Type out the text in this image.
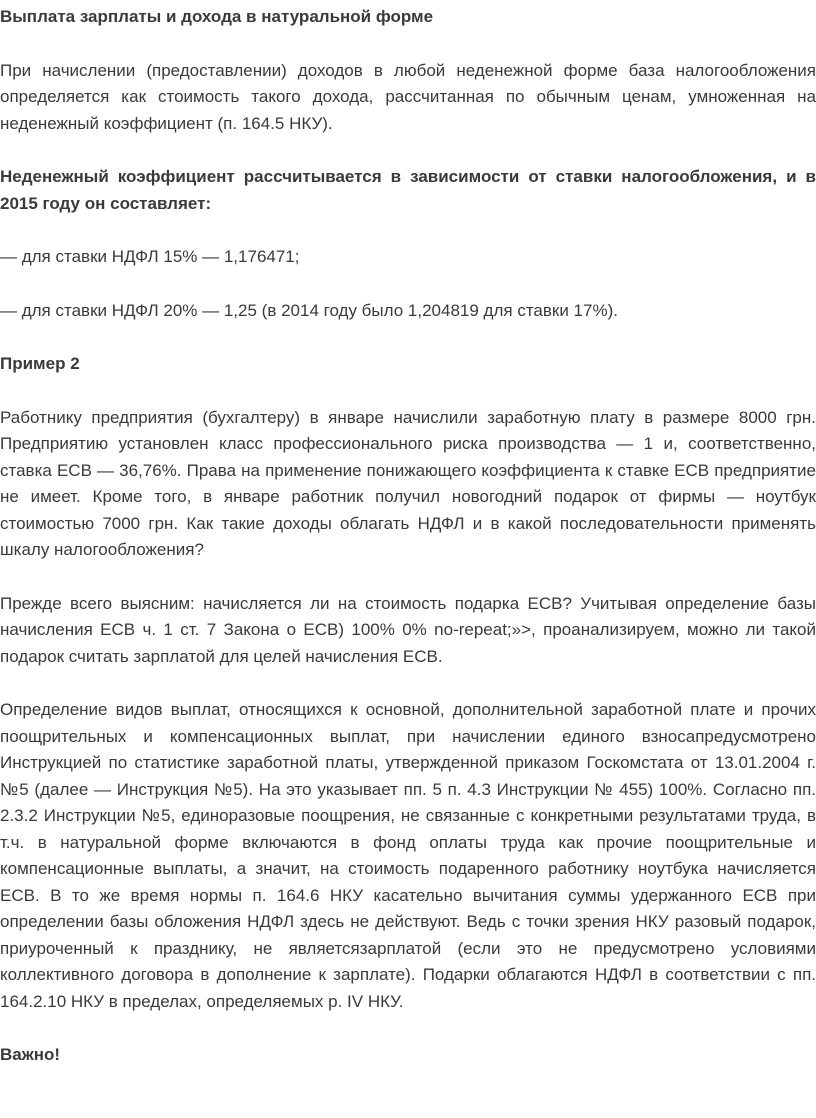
Выплата зарплаты и дохода в натуральной форме

При начислении (предоставлении) доходов в любой неденежной форме база налогообложения определяется как стоимость такого дохода, рассчитанная по обычным ценам, умноженная на неденежный коэффициент (п. 164.5 НКУ).

Неденежный коэффициент рассчитывается в зависимости от ставки налогообложения, и в 2015 году он составляет:

— для ставки НДФЛ 15% — 1,176471;

— для ставки НДФЛ 20% — 1,25 (в 2014 году было 1,204819 для ставки 17%).

Пример 2

Работнику предприятия (бухгалтеру) в январе начислили заработную плату в размере 8000 грн. Предприятию установлен класс профессионального риска производства — 1 и, соответственно, ставка ЕСВ — 36,76%. Права на применение понижающего коэффициента к ставке ЕСВ предприятие не имеет. Кроме того, в январе работник получил новогодний подарок от фирмы — ноутбук стоимостью 7000 грн. Как такие доходы облагать НДФЛ и в какой последовательности применять шкалу налогообложения?

Прежде всего выясним: начисляется ли на стоимость подарка ЕСВ? Учитывая определение базы начисления ЕСВ ч. 1 ст. 7 Закона о ЕСВ) 100% 0% no-repeat;»>, проанализируем, можно ли такой подарок считать зарплатой для целей начисления ЕСВ.

Определение видов выплат, относящихся к основной, дополнительной заработной плате и прочих поощрительных и компенсационных выплат, при начислении единого взносапредусмотрено Инструкцией по статистике заработной платы, утвержденной приказом Госкомстата от 13.01.2004 г. №5 (далее — Инструкция №5). На это указывает пп. 5 п. 4.3 Инструкции № 455) 100%. Согласно пп. 2.3.2 Инструкции №5, единоразовые поощрения, не связанные с конкретными результатами труда, в т.ч. в натуральной форме включаются в фонд оплаты труда как прочие поощрительные и компенсационные выплаты, а значит, на стоимость подаренного работнику ноутбука начисляется ЕСВ. В то же время нормы п. 164.6 НКУ касательно вычитания суммы удержанного ЕСВ при определении базы обложения НДФЛ здесь не действуют. Ведь с точки зрения НКУ разовый подарок, приуроченный к празднику, не являетсязарплатой (если это не предусмотрено условиями коллективного договора в дополнение к зарплате). Подарки облагаются НДФЛ в соответствии с пп. 164.2.10 НКУ в пределах, определяемых р. IV НКУ.

Важно!
